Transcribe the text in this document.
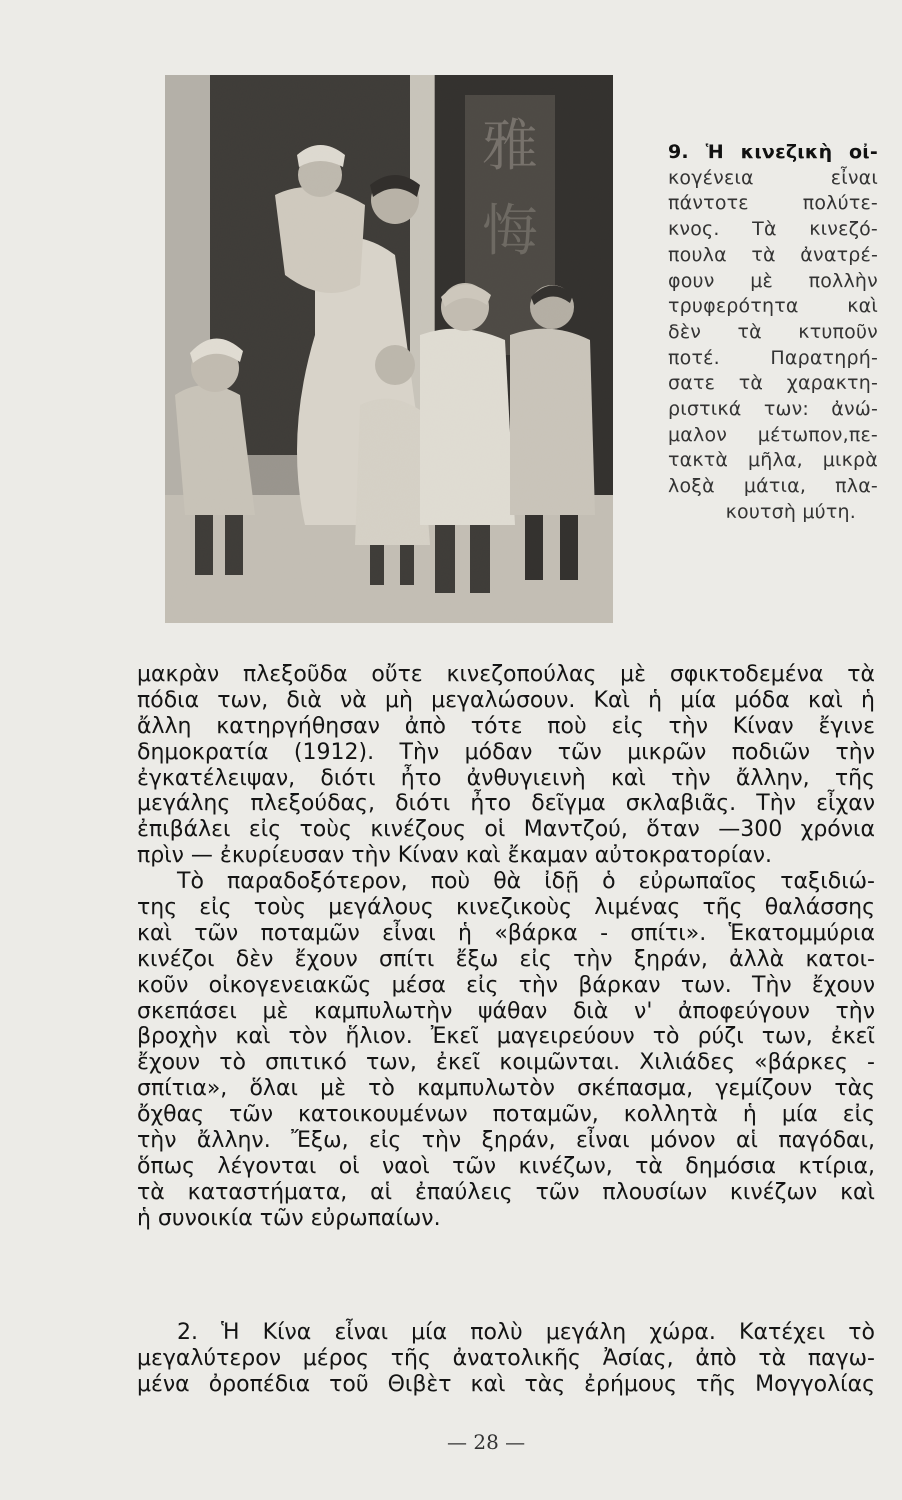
雅
悔
9. Ἡ κινεζικὴ οἰ-
κογένεια εἶναι
πάντοτε πολύτε-
κνος. Τὰ κινεζό-
πουλα τὰ ἀνατρέ-
φουν μὲ πολλὴν
τρυφερότητα καὶ
δὲν τὰ κτυποῦν
ποτέ. Παρατηρή-
σατε τὰ χαρακτη-
ριστικά των: ἀνώ-
μαλον μέτωπον,πε-
τακτὰ μῆλα, μικρὰ
λοξὰ μάτια, πλα-
κουτσὴ μύτη.
μακρὰν πλεξοῦδα οὔτε κινεζοπούλας μὲ σφικτοδεμένα τὰ
πόδια των, διὰ νὰ μὴ μεγαλώσουν. Καὶ ἡ μία μόδα καὶ ἡ
ἄλλη κατηργήθησαν ἀπὸ τότε ποὺ εἰς τὴν Κίναν ἔγινε
δημοκρατία (1912). Τὴν μόδαν τῶν μικρῶν ποδιῶν τὴν
ἐγκατέλειψαν, διότι ἦτο ἀνθυγιεινὴ καὶ τὴν ἄλλην, τῆς
μεγάλης πλεξούδας, διότι ἦτο δεῖγμα σκλαβιᾶς. Τὴν εἶχαν
ἐπιβάλει εἰς τοὺς κινέζους οἱ Μαντζού, ὅταν —300 χρόνια
πρὶν — ἐκυρίευσαν τὴν Κίναν καὶ ἔκαμαν αὐτοκρατορίαν.
Τὸ παραδοξότερον, ποὺ θὰ ἰδῇ ὁ εὐρωπαῖος ταξιδιώ-
της εἰς τοὺς μεγάλους κινεζικοὺς λιμένας τῆς θαλάσσης
καὶ τῶν ποταμῶν εἶναι ἡ «βάρκα - σπίτι». Ἑκατομμύρια
κινέζοι δὲν ἔχουν σπίτι ἔξω εἰς τὴν ξηράν, ἀλλὰ κατοι-
κοῦν οἰκογενειακῶς μέσα εἰς τὴν βάρκαν των. Τὴν ἔχουν
σκεπάσει μὲ καμπυλωτὴν ψάθαν διὰ ν' ἀποφεύγουν τὴν
βροχὴν καὶ τὸν ἥλιον. Ἐκεῖ μαγειρεύουν τὸ ρύζι των, ἐκεῖ
ἔχουν τὸ σπιτικό των, ἐκεῖ κοιμῶνται. Χιλιάδες «βάρκες -
σπίτια», ὅλαι μὲ τὸ καμπυλωτὸν σκέπασμα, γεμίζουν τὰς
ὄχθας τῶν κατοικουμένων ποταμῶν, κολλητὰ ἡ μία εἰς
τὴν ἄλλην. Ἔξω, εἰς τὴν ξηράν, εἶναι μόνον αἱ παγόδαι,
ὅπως λέγονται οἱ ναοὶ τῶν κινέζων, τὰ δημόσια κτίρια,
τὰ καταστήματα, αἱ ἐπαύλεις τῶν πλουσίων κινέζων καὶ
ἡ συνοικία τῶν εὐρωπαίων.
2. Ἡ Κίνα εἶναι μία πολὺ μεγάλη χώρα. Κατέχει τὸ
μεγαλύτερον μέρος τῆς ἀνατολικῆς Ἀσίας, ἀπὸ τὰ παγω-
μένα ὀροπέδια τοῦ Θιβὲτ καὶ τὰς ἐρήμους τῆς Μογγολίας
— 28 —
